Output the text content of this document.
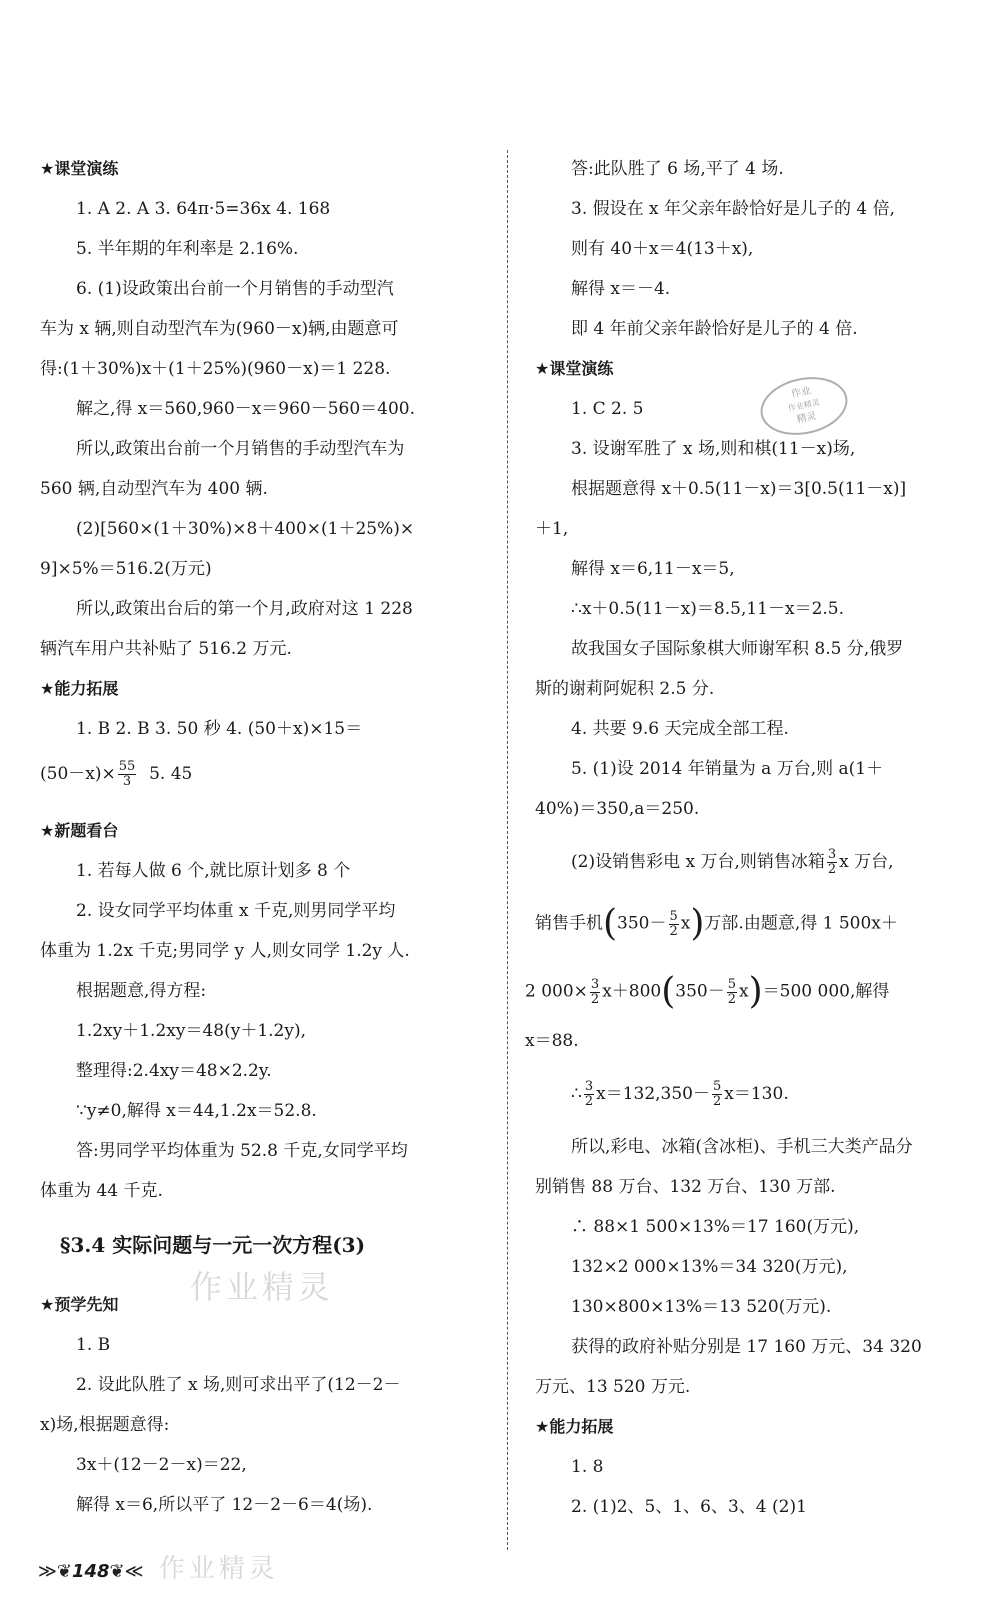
★课堂演练
1. A 2. A 3. 64π·5=36x 4. 168
5. 半年期的年利率是 2.16%.
6. (1)设政策出台前一个月销售的手动型汽
车为 x 辆,则自动型汽车为(960－x)辆,由题意可
得:(1＋30%)x＋(1＋25%)(960－x)＝1 228.
解之,得 x＝560,960－x＝960－560＝400.
所以,政策出台前一个月销售的手动型汽车为
560 辆,自动型汽车为 400 辆.
(2)[560×(1＋30%)×8＋400×(1＋25%)×
9]×5%＝516.2(万元)
所以,政策出台后的第一个月,政府对这 1 228
辆汽车用户共补贴了 516.2 万元.
★能力拓展
1. B 2. B 3. 50 秒 4. (50＋x)×15＝
$(50-x)\times \frac{55}{3} 5$. 45
★新题看台
1. 若每人做 6 个,就比原计划多 8 个
2. 设女同学平均体重 x 千克,则男同学平均
体重为 1.2x 千克;男同学 y 人,则女同学 1.2y 人.
根据题意,得方程:
1.2xy＋1.2xy＝48(y＋1.2y),
整理得:2.4xy＝48×2.2y.
∵y≠0,解得 x＝44,1.2x＝52.8.
答:男同学平均体重为 52.8 千克,女同学平均
体重为 44 千克.
§3.4 实际问题与一元一次方程(3)
★预学先知
1. B
2. 设此队胜了 x 场,则可求出平了(12－2－
x)场,根据题意得:
3x＋(12－2－x)＝22,
解得 x＝6,所以平了 12－2－6＝4(场).
作业精灵
答:此队胜了 6 场,平了 4 场.
3. 假设在 x 年父亲年龄恰好是儿子的 4 倍,
则有 40＋x＝4(13＋x),
解得 x＝－4.
即 4 年前父亲年龄恰好是儿子的 4 倍.
★课堂演练
1. C 2. 5
3. 设谢军胜了 x 场,则和棋(11－x)场,
根据题意得 x＋0.5(11－x)＝3[0.5(11－x)]
＋1,
解得 x＝6,11－x＝5,
∴x＋0.5(11－x)＝8.5,11－x＝2.5.
故我国女子国际象棋大师谢军积 8.5 分,俄罗
斯的谢莉阿妮积 2.5 分.
4. 共要 9.6 天完成全部工程.
5. (1)设 2014 年销量为 a 万台,则 a(1＋
40%)＝350,a＝250.
(2)设销售彩电 x 万台,则销售冰箱 $\frac{3}{2}$ x 万台,
销售手机$(350- \frac{5}{2} x)$万部.由题意,得 1 500x＋
2 $000\times \frac{3}{2} x+800(350- \frac{5}{2} x)=500$ 000,解得
x＝88.
∴ $\frac{3}{2} x=132,350- \frac{5}{2} x=130$.
所以,彩电、冰箱(含冰柜)、手机三大类产品分
别销售 88 万台、132 万台、130 万部.
∴ 88×1 500×13%＝17 160(万元),
132×2 000×13%＝34 320(万元),
130×800×13%＝13 520(万元).
获得的政府补贴分别是 17 160 万元、34 320
万元、13 520 万元.
★能力拓展
1. 8
2. (1)2、5、1、6、3、4 (2)1
作业
作业精灵
精灵
≫❦148❦≪ 作业精灵
